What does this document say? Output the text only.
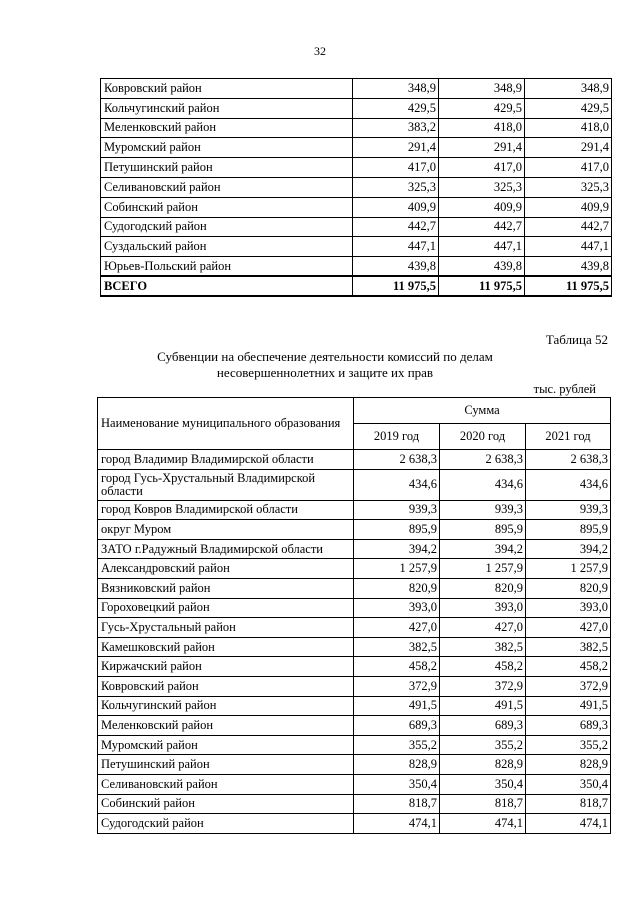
32
Ковровский район	348,9	348,9	348,9
Кольчугинский район	429,5	429,5	429,5
Меленковский район	383,2	418,0	418,0
Муромский район	291,4	291,4	291,4
Петушинский район	417,0	417,0	417,0
Селивановский район	325,3	325,3	325,3
Собинский район	409,9	409,9	409,9
Судогодский район	442,7	442,7	442,7
Суздальский район	447,1	447,1	447,1
Юрьев-Польский район	439,8	439,8	439,8
ВСЕГО	11 975,5	11 975,5	11 975,5
Таблица 52
Субвенции на обеспечение деятельности комиссий по делам
несовершеннолетних и защите их прав
тыс. рублей
Наименование муниципального образования	Сумма		
	2019 год	2020 год	2021 год
город Владимир Владимирской области	2 638,3	2 638,3	2 638,3
город Гусь-Хрустальный Владимирской области	434,6	434,6	434,6
город Ковров Владимирской области	939,3	939,3	939,3
округ Муром	895,9	895,9	895,9
ЗАТО г.Радужный Владимирской области	394,2	394,2	394,2
Александровский район	1 257,9	1 257,9	1 257,9
Вязниковский район	820,9	820,9	820,9
Гороховецкий район	393,0	393,0	393,0
Гусь-Хрустальный район	427,0	427,0	427,0
Камешковский район	382,5	382,5	382,5
Киржачский район	458,2	458,2	458,2
Ковровский район	372,9	372,9	372,9
Кольчугинский район	491,5	491,5	491,5
Меленковский район	689,3	689,3	689,3
Муромский район	355,2	355,2	355,2
Петушинский район	828,9	828,9	828,9
Селивановский район	350,4	350,4	350,4
Собинский район	818,7	818,7	818,7
Судогодский район	474,1	474,1	474,1
